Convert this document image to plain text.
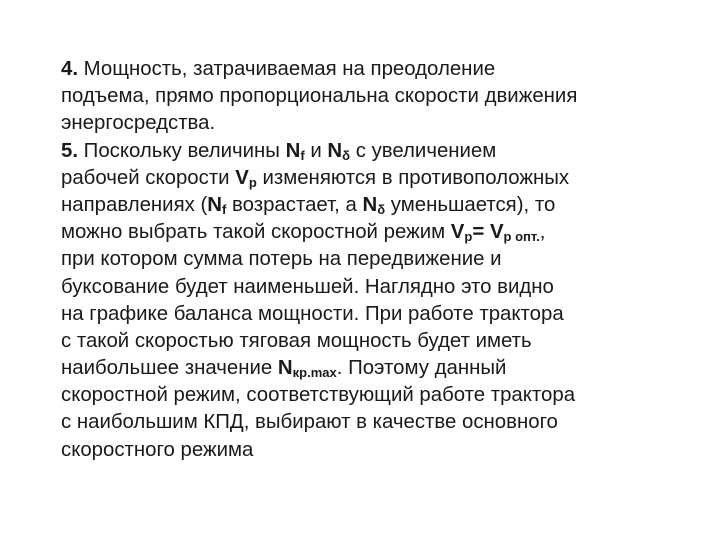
4. Мощность, затрачиваемая на преодоление
подъема, прямо пропорциональна скорости движения
энергосредства.
5. Поскольку величины $N_f$ и $N_\delta$ с увеличением
рабочей скорости $V_р$ изменяются в противоположных
направлениях ($N_f$ возрастает, а $N_\delta$ уменьшается), то
можно выбрать такой скоростной режим $V_р= V_{р опт.}$,
при котором сумма потерь на передвижение и
буксование будет наименьшей. Наглядно это видно
на графике баланса мощности. При работе трактора
с такой скоростью тяговая мощность будет иметь
наибольшее значение $N_{кр.max}$. Поэтому данный
скоростной режим, соответствующий работе трактора
с наибольшим КПД, выбирают в качестве основного
скоростного режима
